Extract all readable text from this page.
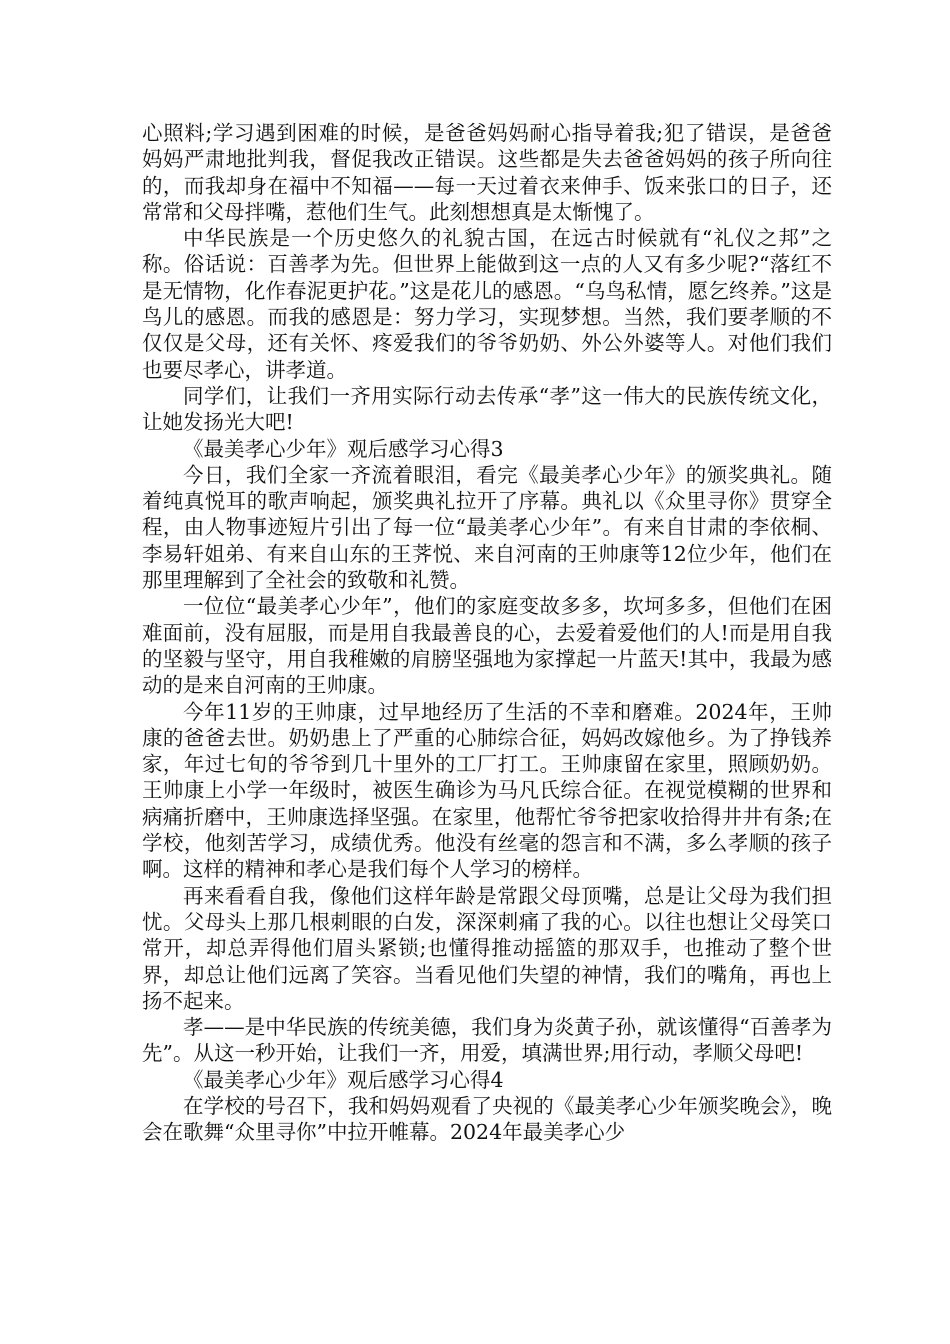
心照料;学习遇到困难的时候，是爸爸妈妈耐心指导着我;犯了错误，是爸爸妈妈严肃地批判我，督促我改正错误。这些都是失去爸爸妈妈的孩子所向往的，而我却身在福中不知福——每一天过着衣来伸手、饭来张口的日子，还常常和父母拌嘴，惹他们生气。此刻想想真是太惭愧了。

中华民族是一个历史悠久的礼貌古国，在远古时候就有“礼仪之邦”之称。俗话说：百善孝为先。但世界上能做到这一点的人又有多少呢?“落红不是无情物，化作春泥更护花。”这是花儿的感恩。“乌鸟私情，愿乞终养。”这是鸟儿的感恩。而我的感恩是：努力学习，实现梦想。当然，我们要孝顺的不仅仅是父母，还有关怀、疼爱我们的爷爷奶奶、外公外婆等人。对他们我们也要尽孝心，讲孝道。

同学们，让我们一齐用实际行动去传承“孝”这一伟大的民族传统文化，让她发扬光大吧!

《最美孝心少年》观后感学习心得3

今日，我们全家一齐流着眼泪，看完《最美孝心少年》的颁奖典礼。随着纯真悦耳的歌声响起，颁奖典礼拉开了序幕。典礼以《众里寻你》贯穿全程，由人物事迹短片引出了每一位“最美孝心少年”。有来自甘肃的李依桐、李易轩姐弟、有来自山东的王荠悦、来自河南的王帅康等12位少年，他们在那里理解到了全社会的致敬和礼赞。

一位位“最美孝心少年”，他们的家庭变故多多，坎坷多多，但他们在困难面前，没有屈服，而是用自我最善良的心，去爱着爱他们的人!而是用自我的坚毅与坚守，用自我稚嫩的肩膀坚强地为家撑起一片蓝天!其中，我最为感动的是来自河南的王帅康。

今年11岁的王帅康，过早地经历了生活的不幸和磨难。2024年，王帅康的爸爸去世。奶奶患上了严重的心肺综合征，妈妈改嫁他乡。为了挣钱养家，年过七旬的爷爷到几十里外的工厂打工。王帅康留在家里，照顾奶奶。王帅康上小学一年级时，被医生确诊为马凡氏综合征。在视觉模糊的世界和病痛折磨中，王帅康选择坚强。在家里，他帮忙爷爷把家收拾得井井有条;在学校，他刻苦学习，成绩优秀。他没有丝毫的怨言和不满，多么孝顺的孩子啊。这样的精神和孝心是我们每个人学习的榜样。

再来看看自我，像他们这样年龄是常跟父母顶嘴，总是让父母为我们担忧。父母头上那几根刺眼的白发，深深刺痛了我的心。以往也想让父母笑口常开，却总弄得他们眉头紧锁;也懂得推动摇篮的那双手，也推动了整个世界，却总让他们远离了笑容。当看见他们失望的神情，我们的嘴角，再也上扬不起来。

孝——是中华民族的传统美德，我们身为炎黄子孙，就该懂得“百善孝为先”。从这一秒开始，让我们一齐，用爱，填满世界;用行动，孝顺父母吧!

《最美孝心少年》观后感学习心得4

在学校的号召下，我和妈妈观看了央视的《最美孝心少年颁奖晚会》，晚会在歌舞“众里寻你”中拉开帷幕。2024年最美孝心少
